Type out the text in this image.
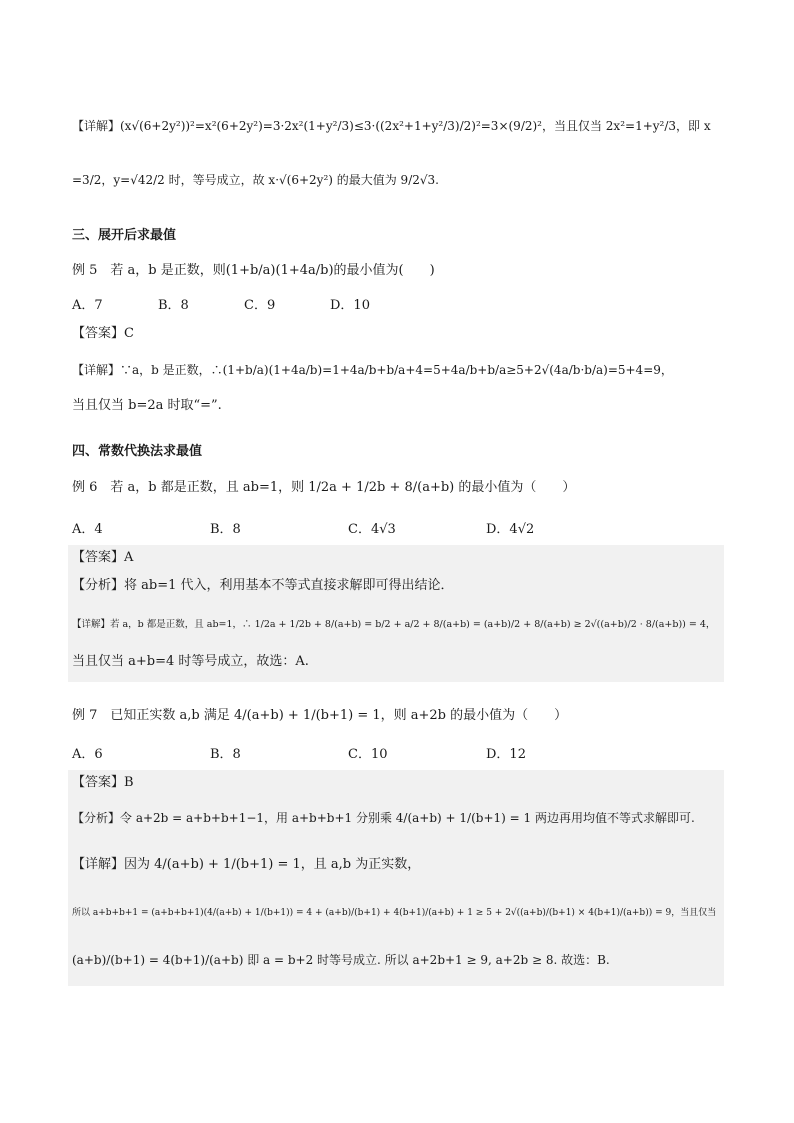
【详解】(x√(6+2y²))²=x²(6+2y²)=3·2x²(1+y²/3)≤3·((2x²+1+y²/3)/2)²=3×(9/2)²，当且仅当 2x²=1+y²/3，即 x
=3/2，y=√42/2 时，等号成立，故 x·√(6+2y²) 的最大值为 9/2√3.
三、展开后求最值
例 5　若 a，b 是正数，则(1+b/a)(1+4a/b)的最小值为(　　)
A．7	B．8	C．9	D．10
【答案】C
【详解】∵a，b 是正数，∴(1+b/a)(1+4a/b)=1+4a/b+b/a+4=5+4a/b+b/a≥5+2√(4a/b·b/a)=5+4=9，
当且仅当 b=2a 时取“=”.
四、常数代换法求最值
例 6　若 a，b 都是正数，且 ab=1，则 1/2a + 1/2b + 8/(a+b) 的最小值为（　　）
A．4	B．8	C．4√3	D．4√2
【答案】A
【分析】将 ab=1 代入，利用基本不等式直接求解即可得出结论．
【详解】若 a，b 都是正数，且 ab=1，∴ 1/2a + 1/2b + 8/(a+b) = b/2 + a/2 + 8/(a+b) = (a+b)/2 + 8/(a+b) ≥ 2√((a+b)/2 · 8/(a+b)) = 4，
当且仅当 a+b=4 时等号成立，故选：A.
例 7　已知正实数 a,b 满足 4/(a+b) + 1/(b+1) = 1，则 a+2b 的最小值为（　　）
A．6	B．8	C．10	D．12
【答案】B
【分析】令 a+2b = a+b+b+1−1，用 a+b+b+1 分别乘 4/(a+b) + 1/(b+1) = 1 两边再用均值不等式求解即可.
【详解】因为 4/(a+b) + 1/(b+1) = 1，且 a,b 为正实数，
所以 a+b+b+1 = (a+b+b+1)(4/(a+b) + 1/(b+1)) = 4 + (a+b)/(b+1) + 4(b+1)/(a+b) + 1 ≥ 5 + 2√((a+b)/(b+1) × 4(b+1)/(a+b)) = 9，当且仅当
(a+b)/(b+1) = 4(b+1)/(a+b) 即 a = b+2 时等号成立. 所以 a+2b+1 ≥ 9, a+2b ≥ 8. 故选：B.
